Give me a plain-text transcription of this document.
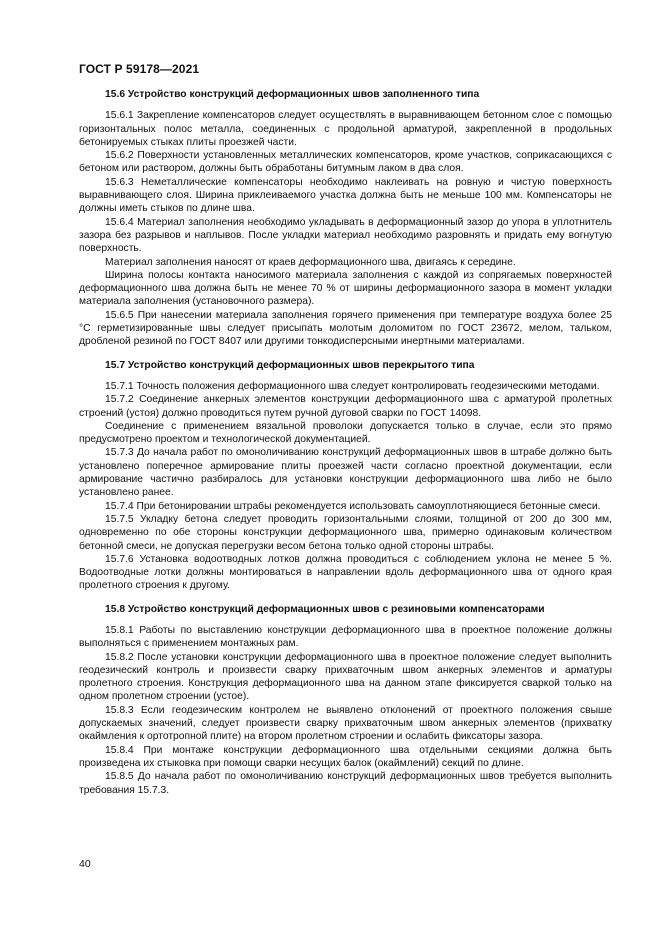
ГОСТ Р 59178—2021
15.6 Устройство конструкций деформационных швов заполненного типа

15.6.1 Закрепление компенсаторов следует осуществлять в выравнивающем бетонном слое с помощью горизонтальных полос металла, соединенных с продольной арматурой, закрепленной в продольных бетонируемых стыках плиты проезжей части.

15.6.2 Поверхности установленных металлических компенсаторов, кроме участков, соприкасающихся с бетоном или раствором, должны быть обработаны битумным лаком в два слоя.

15.6.3 Неметаллические компенсаторы необходимо наклеивать на ровную и чистую поверхность выравнивающего слоя. Ширина приклеиваемого участка должна быть не меньше 100 мм. Компенсаторы не должны иметь стыков по длине шва.

15.6.4 Материал заполнения необходимо укладывать в деформационный зазор до упора в уплотнитель зазора без разрывов и наплывов. После укладки материал необходимо разровнять и придать ему вогнутую поверхность.

Материал заполнения наносят от краев деформационного шва, двигаясь к середине.

Ширина полосы контакта наносимого материала заполнения с каждой из сопрягаемых поверхностей деформационного шва должна быть не менее 70 % от ширины деформационного зазора в момент укладки материала заполнения (установочного размера).

15.6.5 При нанесении материала заполнения горячего применения при температуре воздуха более 25 °С герметизированные швы следует присыпать молотым доломитом по ГОСТ 23672, мелом, тальком, дробленой резиной по ГОСТ 8407 или другими тонкодисперсными инертными материалами.

15.7 Устройство конструкций деформационных швов перекрытого типа

15.7.1 Точность положения деформационного шва следует контролировать геодезическими методами.

15.7.2 Соединение анкерных элементов конструкции деформационного шва с арматурой пролетных строений (устоя) должно проводиться путем ручной дуговой сварки по ГОСТ 14098.

Соединение с применением вязальной проволоки допускается только в случае, если это прямо предусмотрено проектом и технологической документацией.

15.7.3 До начала работ по омоноличиванию конструкций деформационных швов в штрабе должно быть установлено поперечное армирование плиты проезжей части согласно проектной документации, если армирование частично разбиралось для установки конструкции деформационного шва либо не было установлено ранее.

15.7.4 При бетонировании штрабы рекомендуется использовать самоуплотняющиеся бетонные смеси.

15.7.5 Укладку бетона следует проводить горизонтальными слоями, толщиной от 200 до 300 мм, одновременно по обе стороны конструкции деформационного шва, примерно одинаковым количеством бетонной смеси, не допуская перегрузки весом бетона только одной стороны штрабы.

15.7.6 Установка водоотводных лотков должна проводиться с соблюдением уклона не менее 5 %. Водоотводные лотки должны монтироваться в направлении вдоль деформационного шва от одного края пролетного строения к другому.

15.8 Устройство конструкций деформационных швов с резиновыми компенсаторами

15.8.1 Работы по выставлению конструкции деформационного шва в проектное положение должны выполняться с применением монтажных рам.

15.8.2 После установки конструкции деформационного шва в проектное положение следует выполнить геодезический контроль и произвести сварку прихваточным швом анкерных элементов и арматуры пролетного строения. Конструкция деформационного шва на данном этапе фиксируется сваркой только на одном пролетном строении (устое).

15.8.3 Если геодезическим контролем не выявлено отклонений от проектного положения свыше допускаемых значений, следует произвести сварку прихваточным швом анкерных элементов (прихватку окаймления к ортотропной плите) на втором пролетном строении и ослабить фиксаторы зазора.

15.8.4 При монтаже конструкции деформационного шва отдельными секциями должна быть произведена их стыковка при помощи сварки несущих балок (окаймлений) секций по длине.

15.8.5 До начала работ по омоноличиванию конструкций деформационных швов требуется выполнить требования 15.7.3.

40
